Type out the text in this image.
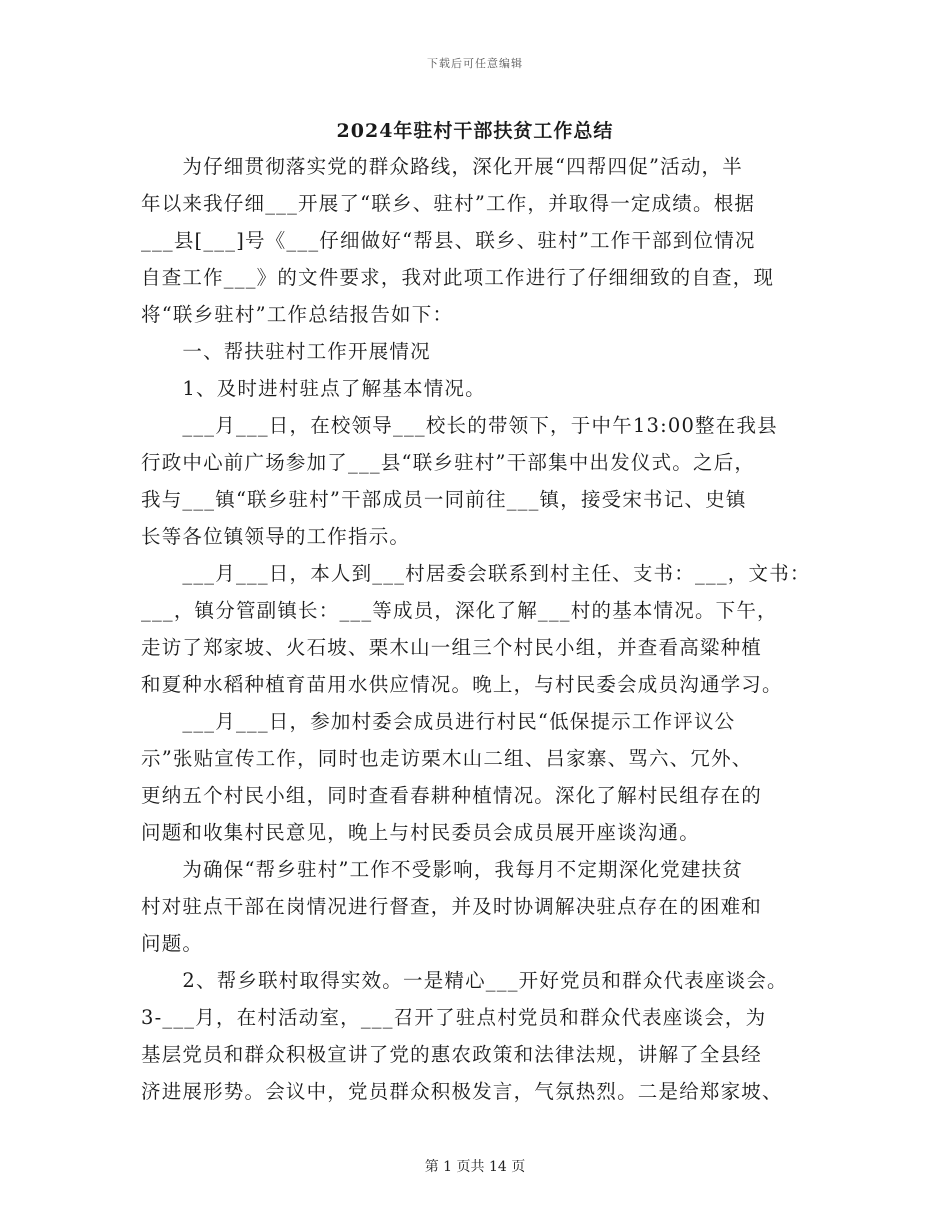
下载后可任意编辑
2024年驻村干部扶贫工作总结
　　为仔细贯彻落实党的群众路线，深化开展“四帮四促”活动，半
年以来我仔细___开展了“联乡、驻村”工作，并取得一定成绩。根据
___县[___]号《___仔细做好“帮县、联乡、驻村”工作干部到位情况
自查工作___》的文件要求，我对此项工作进行了仔细细致的自查，现
将“联乡驻村”工作总结报告如下：
　　一、帮扶驻村工作开展情况
　　1、及时进村驻点了解基本情况。
　　___月___日，在校领导___校长的带领下，于中午13:00整在我县
行政中心前广场参加了___县“联乡驻村”干部集中出发仪式。之后，
我与___镇“联乡驻村”干部成员一同前往___镇，接受宋书记、史镇
长等各位镇领导的工作指示。
　　___月___日，本人到___村居委会联系到村主任、支书：___，文书：
___，镇分管副镇长：___等成员，深化了解___村的基本情况。下午，
走访了郑家坡、火石坡、栗木山一组三个村民小组，并查看高粱种植
和夏种水稻种植育苗用水供应情况。晚上，与村民委会成员沟通学习。
　　___月___日，参加村委会成员进行村民“低保提示工作评议公
示”张贴宣传工作，同时也走访栗木山二组、吕家寨、骂六、冗外、
更纳五个村民小组，同时查看春耕种植情况。深化了解村民组存在的
问题和收集村民意见，晚上与村民委员会成员展开座谈沟通。
　　为确保“帮乡驻村”工作不受影响，我每月不定期深化党建扶贫
村对驻点干部在岗情况进行督查，并及时协调解决驻点存在的困难和
问题。
　　2、帮乡联村取得实效。一是精心___开好党员和群众代表座谈会。
3-___月，在村活动室，___召开了驻点村党员和群众代表座谈会，为
基层党员和群众积极宣讲了党的惠农政策和法律法规，讲解了全县经
济进展形势。会议中，党员群众积极发言，气氛热烈。二是给郑家坡、
第 1 页共 14 页
